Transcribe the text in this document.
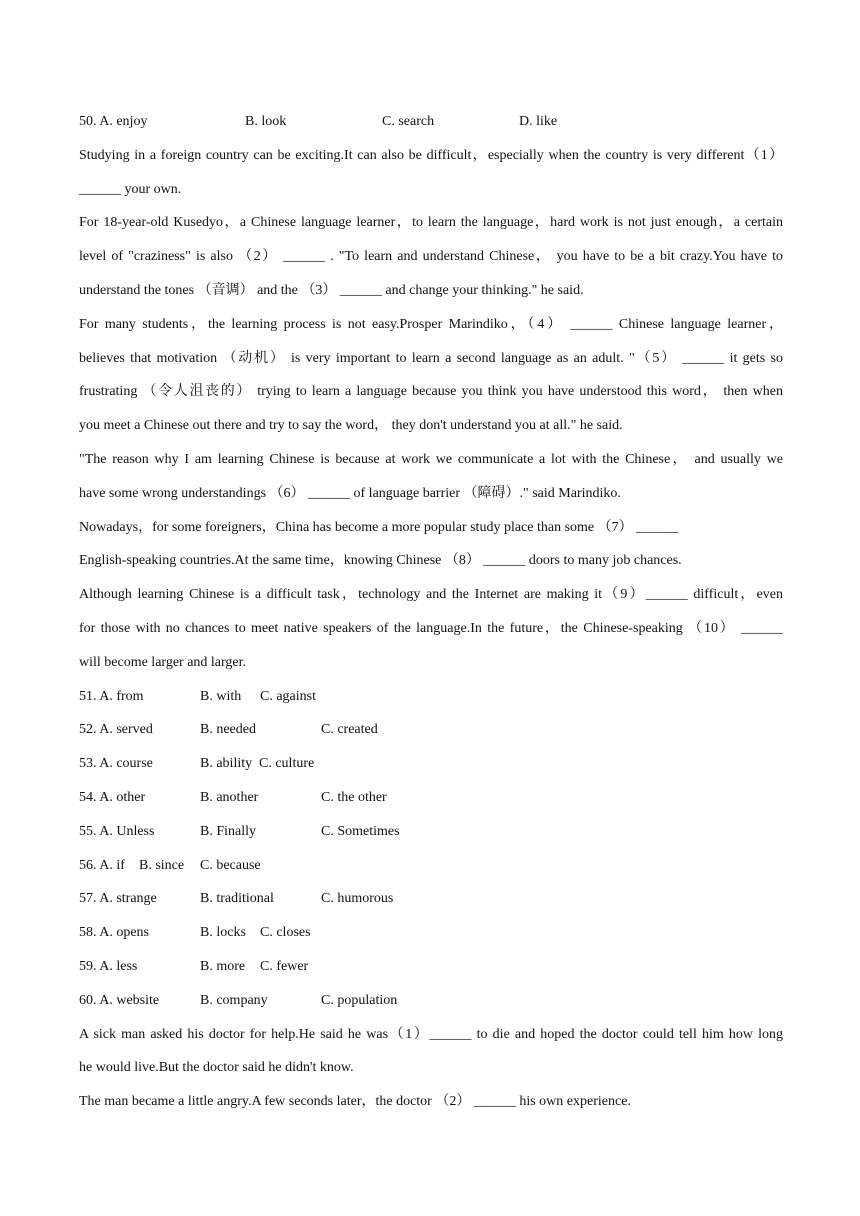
50. A. enjoy	B. look	C. search	D. like
Studying in a foreign country can be exciting.It can also be difficult，especially when the country is very different（1）
______ your own.
For 18-year-old Kusedyo，a Chinese language learner，to learn the language，hard work is not just enough，a certain
level of "craziness" is also （2） ______ . "To learn and understand Chinese， you have to be a bit crazy.You have to
understand the tones （音调） and the （3） ______ and change your thinking." he said.
For many students，the learning process is not easy.Prosper Marindiko，（4） ______ Chinese language learner，
believes that motivation （动机） is very important to learn a second language as an adult. "（5） ______ it gets so
frustrating （令人沮丧的） trying to learn a language because you think you have understood this word， then when
you meet a Chinese out there and try to say the word， they don't understand you at all." he said.
"The reason why I am learning Chinese is because at work we communicate a lot with the Chinese， and usually we
have some wrong understandings （6） ______ of language barrier （障碍）." said Marindiko.
Nowadays，for some foreigners，China has become a more popular study place than some （7） ______
English-speaking countries.At the same time，knowing Chinese （8） ______ doors to many job chances.
Although learning Chinese is a difficult task，technology and the Internet are making it（9）______ difficult，even
for those with no chances to meet native speakers of the language.In the future，the Chinese-speaking （10） ______
will become larger and larger.
51. A. from	B. with C. against
52. A. served	B. needed	C. created
53. A. course	B. ability C. culture
54. A. other	B. another	C. the other
55. A. Unless	B. Finally	C. Sometimes
56. A. if B. since C. because
57. A. strange	B. traditional	C. humorous
58. A. opens	B. locks C. closes
59. A. less	B. more C. fewer
60. A. website	B. company	C. population
A sick man asked his doctor for help.He said he was（1）______ to die and hoped the doctor could tell him how long
he would live.But the doctor said he didn't know.
The man became a little angry.A few seconds later，the doctor （2） ______ his own experience.
